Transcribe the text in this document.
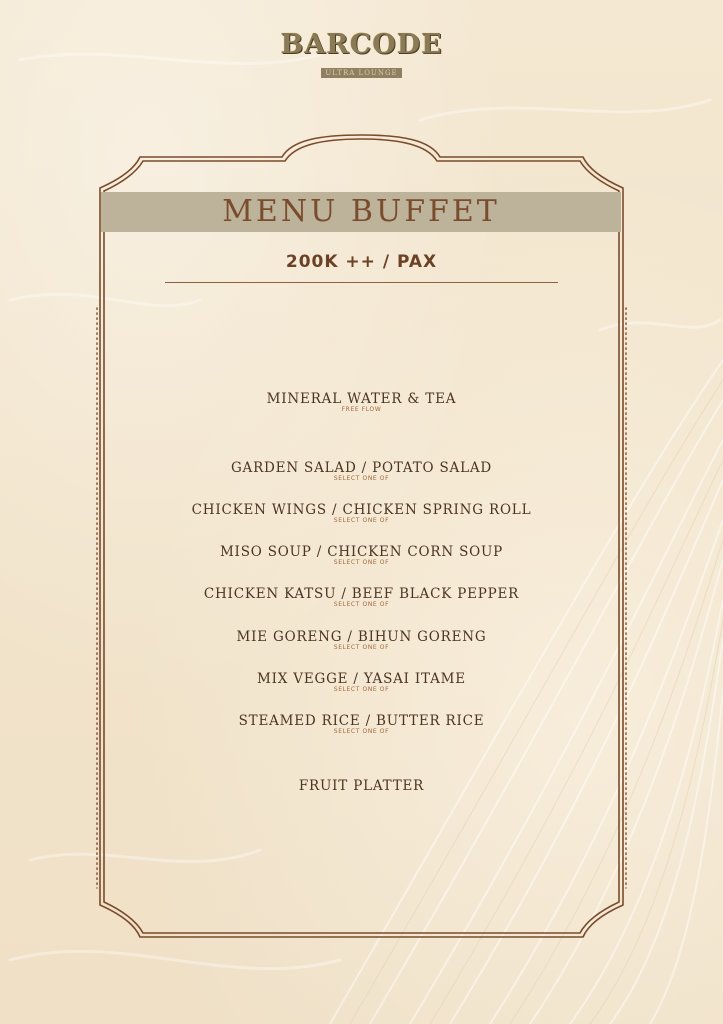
BARCODE
ULTRA LOUNGE
MENU BUFFET
200K ++ / PAX
MINERAL WATER & TEA
FREE FLOW
GARDEN SALAD / POTATO SALAD
SELECT ONE OF
CHICKEN WINGS / CHICKEN SPRING ROLL
SELECT ONE OF
MISO SOUP / CHICKEN CORN SOUP
SELECT ONE OF
CHICKEN KATSU / BEEF BLACK PEPPER
SELECT ONE OF
MIE GORENG / BIHUN GORENG
SELECT ONE OF
MIX VEGGE / YASAI ITAME
SELECT ONE OF
STEAMED RICE / BUTTER RICE
SELECT ONE OF
FRUIT PLATTER
